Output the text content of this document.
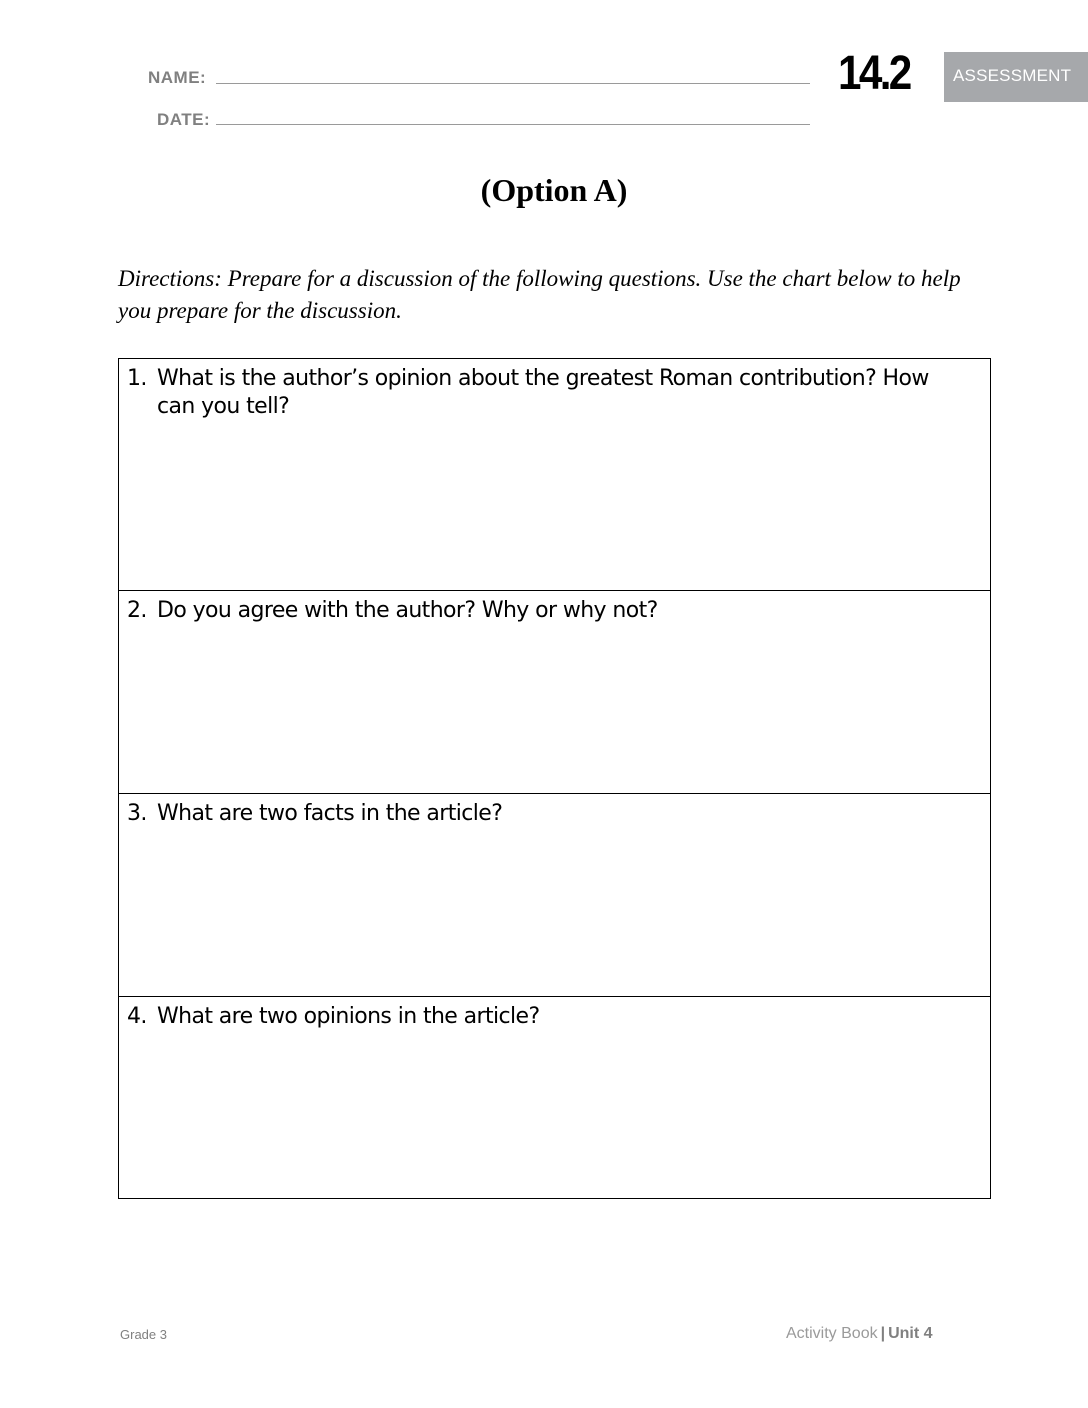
NAME:
DATE:
14.2	ASSESSMENT
(Option A)
Directions: Prepare for a discussion of the following questions. Use the chart below to help you prepare for the discussion.
1. What is the author’s opinion about the greatest Roman contribution? How can you tell?
2. Do you agree with the author? Why or why not?
3. What are two facts in the article?
4. What are two opinions in the article?
Grade 3	Activity Book | Unit 4
